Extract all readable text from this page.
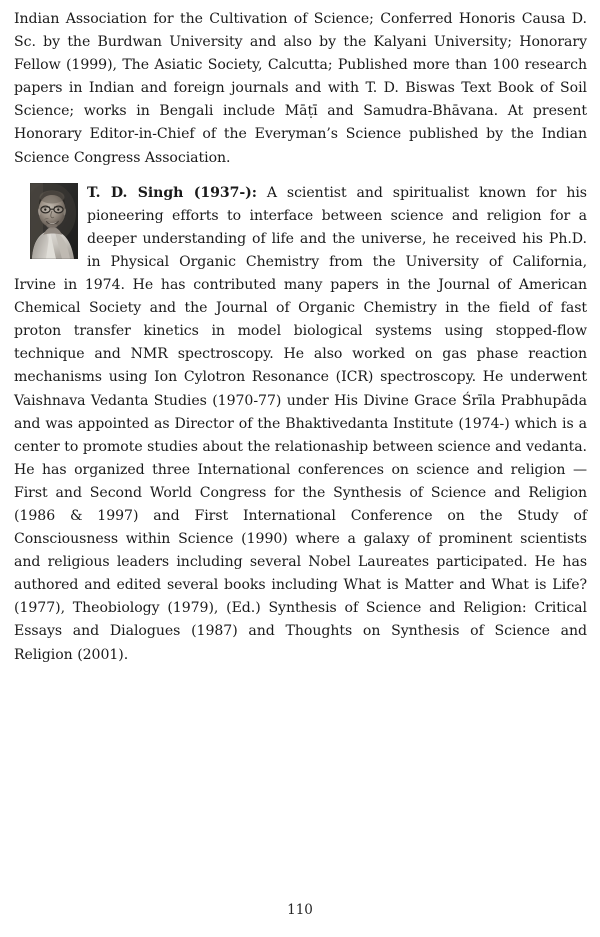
Indian Association for the Cultivation of Science; Conferred Honoris Causa D. Sc. by the Burdwan University and also by the Kalyani University; Honorary Fellow (1999), The Asiatic Society, Calcutta; Published more than 100 research papers in Indian and foreign journals and with T. D. Biswas Text Book of Soil Science; works in Bengali include Māṭī and Samudra-Bhāvana. At present Honorary Editor-in-Chief of the Everyman’s Science published by the Indian Science Congress Association.

T. D. Singh (1937-): A scientist and spiritualist known for his pioneering efforts to interface between science and religion for a deeper understanding of life and the universe, he received his Ph.D. in Physical Organic Chemistry from the University of California, Irvine in 1974. He has contributed many papers in the Journal of American Chemical Society and the Journal of Organic Chemistry in the field of fast proton transfer kinetics in model biological systems using stopped-flow technique and NMR spectroscopy. He also worked on gas phase reaction mechanisms using Ion Cylotron Resonance (ICR) spectroscopy. He underwent Vaishnava Vedanta Studies (1970-77) under His Divine Grace Śrīla Prabhupāda and was appointed as Director of the Bhaktivedanta Institute (1974-) which is a center to promote studies about the relationaship between science and vedanta. He has organized three International conferences on science and religion — First and Second World Congress for the Synthesis of Science and Religion (1986 & 1997) and First International Conference on the Study of Consciousness within Science (1990) where a galaxy of prominent scientists and religious leaders including several Nobel Laureates participated. He has authored and edited several books including What is Matter and What is Life? (1977), Theobiology (1979), (Ed.) Synthesis of Science and Religion: Critical Essays and Dialogues (1987) and Thoughts on Synthesis of Science and Religion (2001).

110
